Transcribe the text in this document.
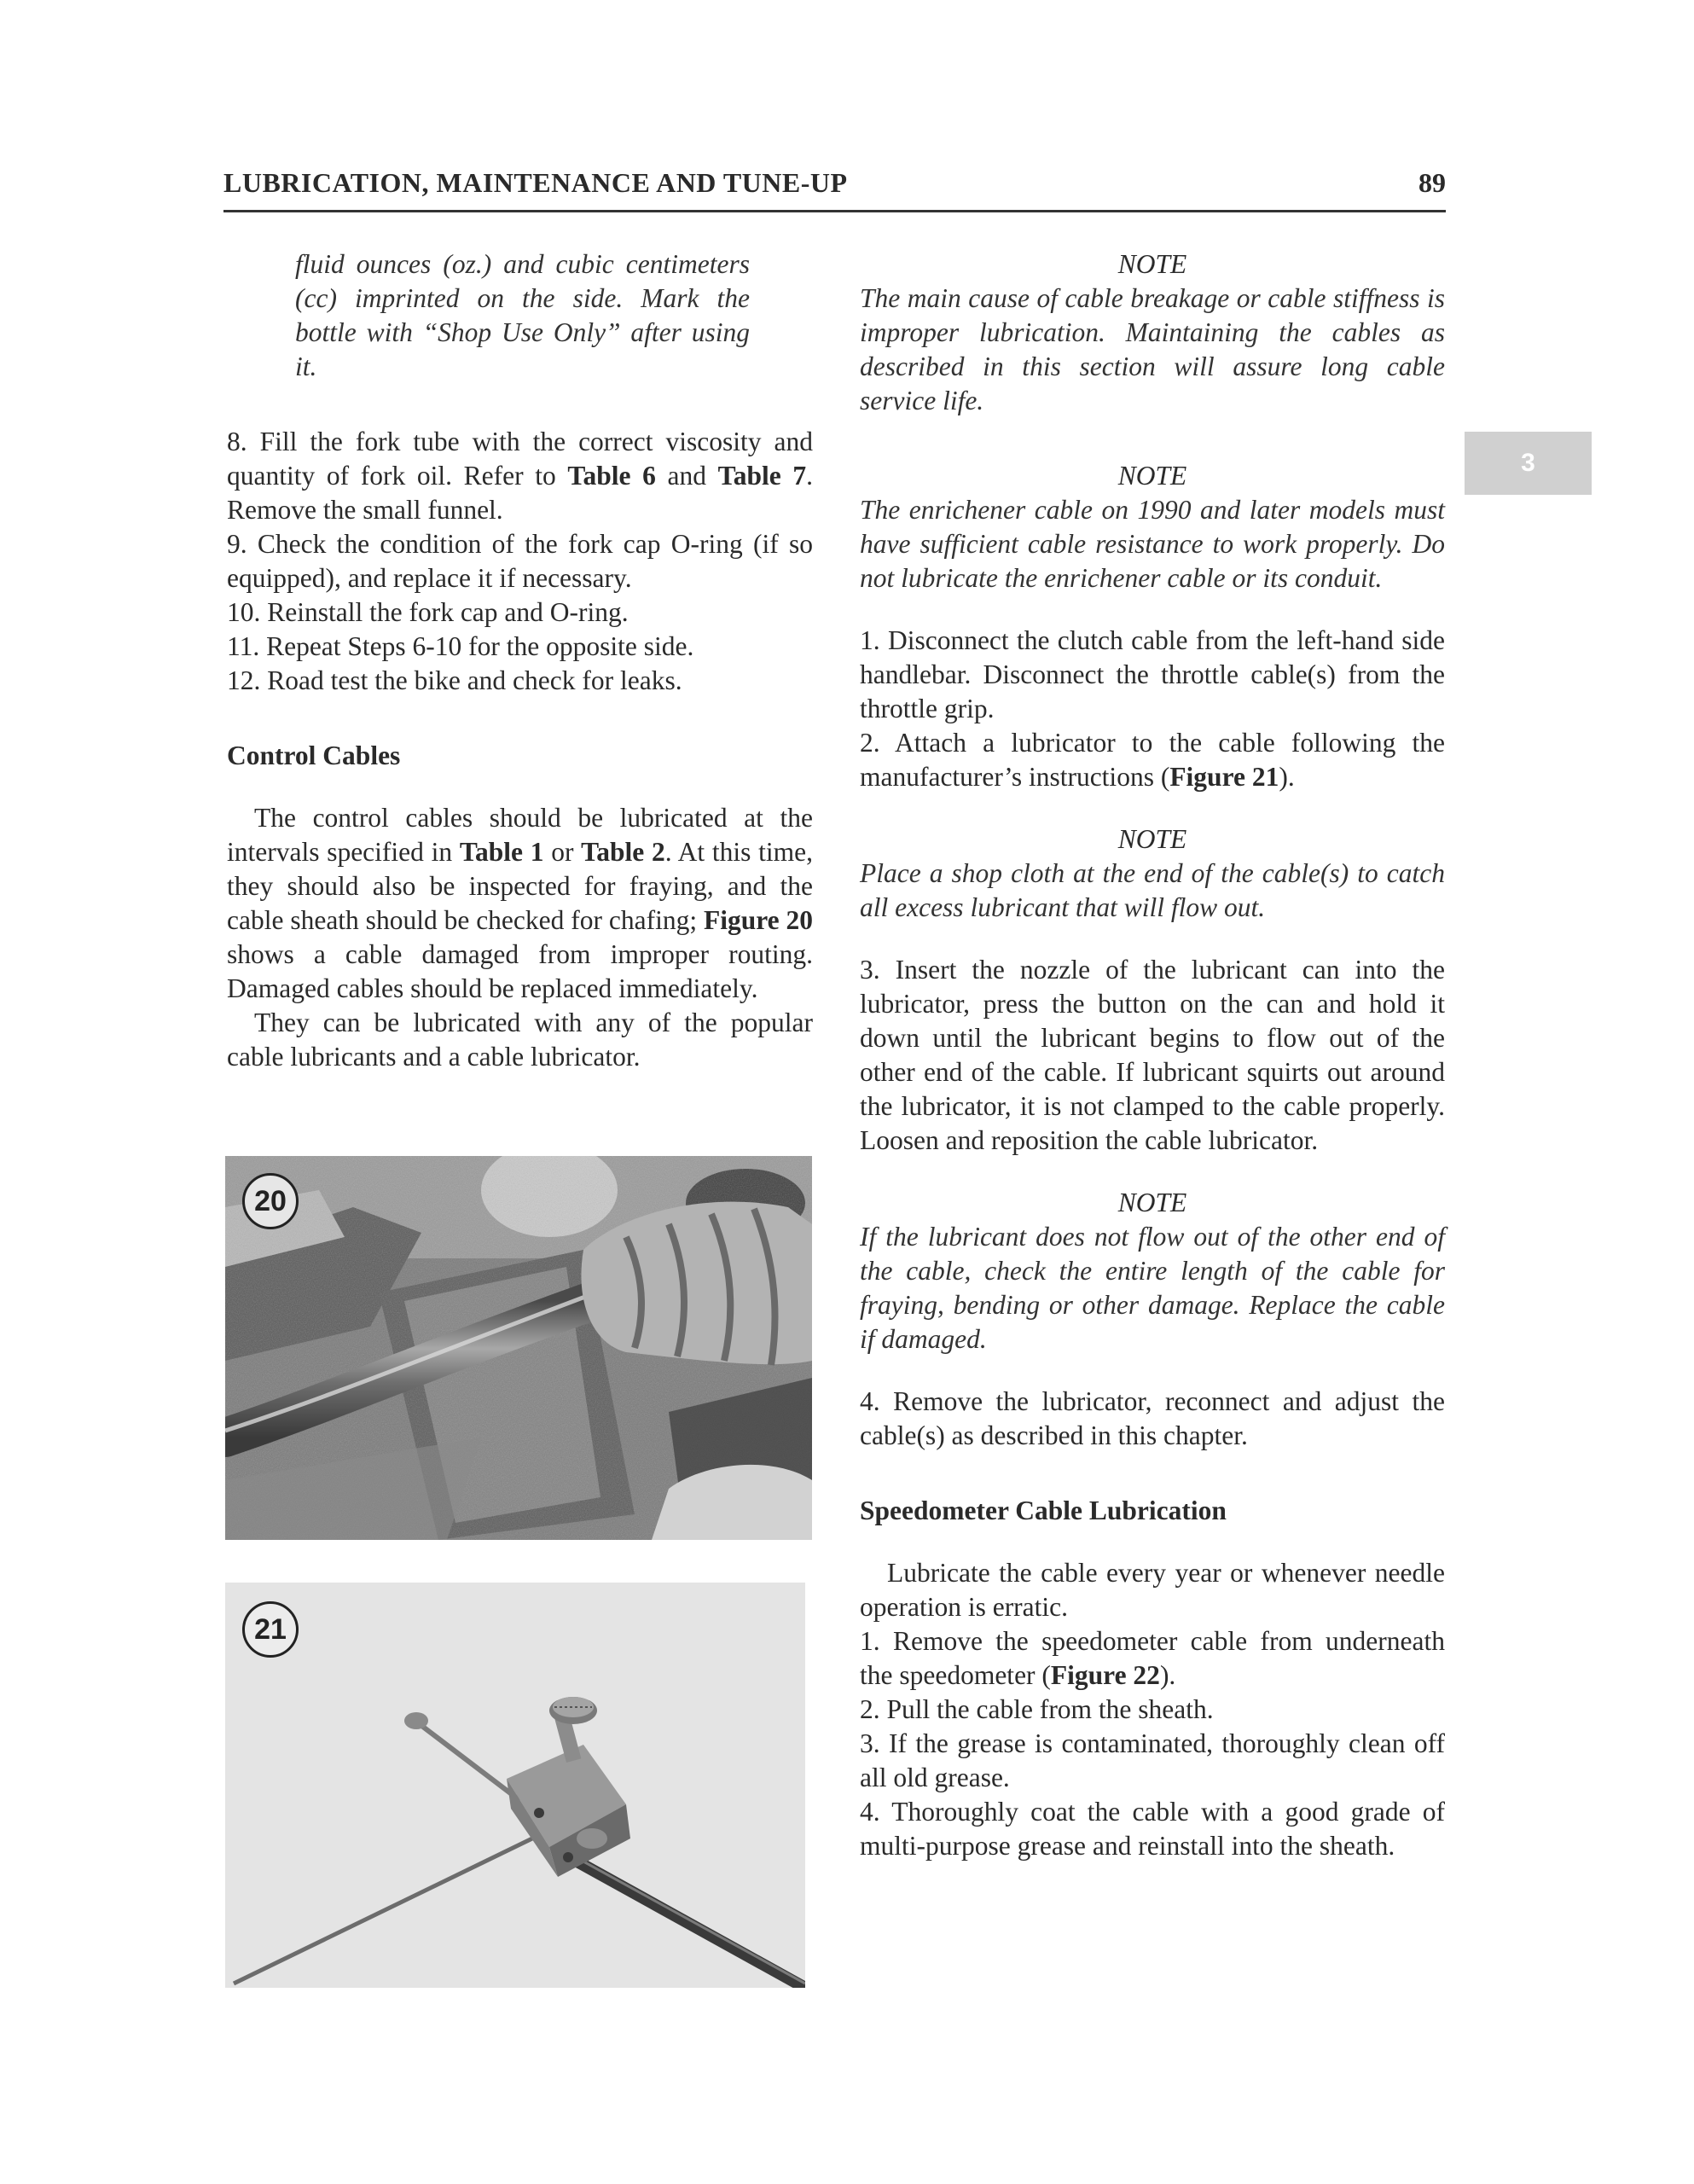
LUBRICATION, MAINTENANCE AND TUNE-UP	89
3

fluid ounces (oz.) and cubic centimeters (cc) imprinted on the side. Mark the bottle with “Shop Use Only” after using it.

8. Fill the fork tube with the correct viscosity and quantity of fork oil. Refer to Table 6 and Table 7. Remove the small funnel.

9. Check the condition of the fork cap O-ring (if so equipped), and replace it if necessary.

10. Reinstall the fork cap and O-ring.

11. Repeat Steps 6-10 for the opposite side.

12. Road test the bike and check for leaks.

Control Cables

The control cables should be lubricated at the intervals specified in Table 1 or Table 2. At this time, they should also be inspected for fraying, and the cable sheath should be checked for chafing; Figure 20 shows a cable damaged from improper routing. Damaged cables should be replaced immediately.

They can be lubricated with any of the popular cable lubricants and a cable lubricator.

20
21

NOTE

The main cause of cable breakage or cable stiffness is improper lubrication. Maintaining the cables as described in this section will assure long cable service life.

NOTE

The enrichener cable on 1990 and later models must have sufficient cable resistance to work properly. Do not lubricate the enrichener cable or its conduit.

1. Disconnect the clutch cable from the left-hand side handlebar. Disconnect the throttle cable(s) from the throttle grip.

2. Attach a lubricator to the cable following the manufacturer’s instructions (Figure 21).

NOTE

Place a shop cloth at the end of the cable(s) to catch all excess lubricant that will flow out.

3. Insert the nozzle of the lubricant can into the lubricator, press the button on the can and hold it down until the lubricant begins to flow out of the other end of the cable. If lubricant squirts out around the lubricator, it is not clamped to the cable properly. Loosen and reposition the cable lubricator.

NOTE

If the lubricant does not flow out of the other end of the cable, check the entire length of the cable for fraying, bending or other damage. Replace the cable if damaged.

4. Remove the lubricator, reconnect and adjust the cable(s) as described in this chapter.

Speedometer Cable Lubrication

Lubricate the cable every year or whenever needle operation is erratic.

1. Remove the speedometer cable from underneath the speedometer (Figure 22).

2. Pull the cable from the sheath.

3. If the grease is contaminated, thoroughly clean off all old grease.

4. Thoroughly coat the cable with a good grade of multi-purpose grease and reinstall into the sheath.
